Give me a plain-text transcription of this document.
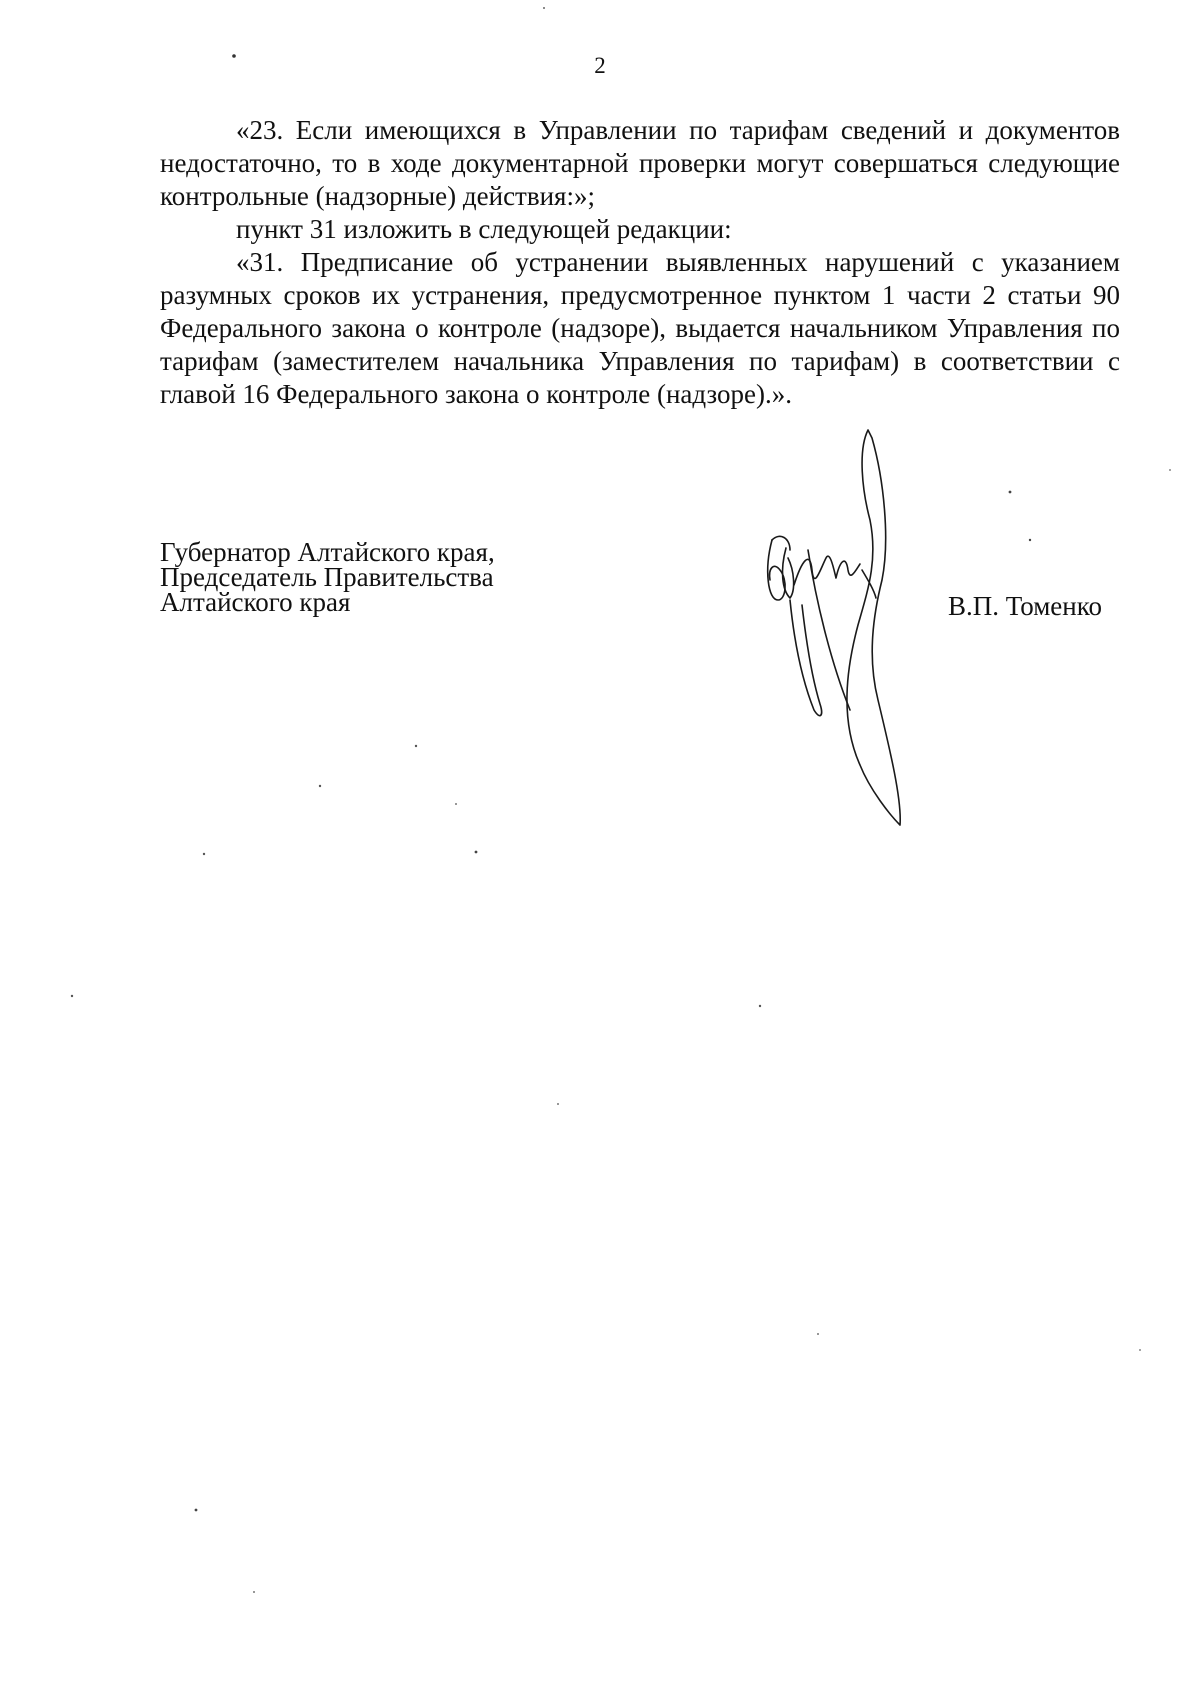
2

«23. Если имеющихся в Управлении по тарифам сведений и документов недостаточно, то в ходе документарной проверки могут совершаться следующие контрольные (надзорные) действия:»;

пункт 31 изложить в следующей редакции:

«31. Предписание об устранении выявленных нарушений с указанием разумных сроков их устранения, предусмотренное пунктом 1 части 2 статьи 90 Федерального закона о контроле (надзоре), выдается начальником Управления по тарифам (заместителем начальника Управления по тарифам) в соответствии с главой 16 Федерального закона о контроле (надзоре).».

Губернатор Алтайского края,
Председатель Правительства
Алтайского края	В.П. Томенко
